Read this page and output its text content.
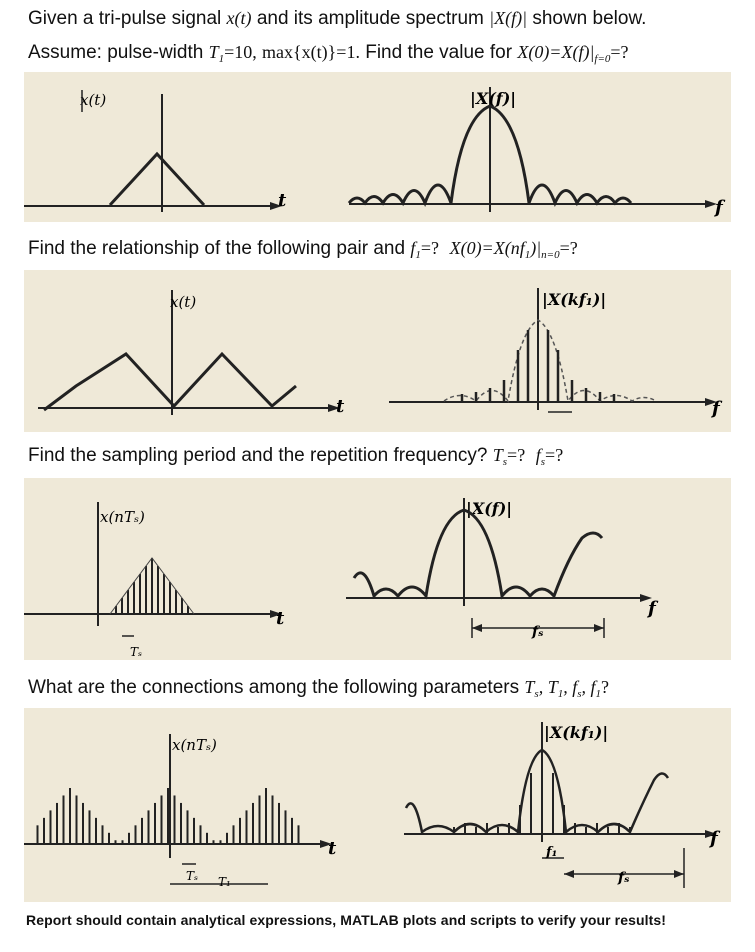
Given a tri-pulse signal x(t) and its amplitude spectrum |X(f)| shown below.
Assume: pulse-width $T_1=10$, max{x(t)}=1. Find the value for $X(0)=X(f)|_{f=0}=$?
t
x(t)
f
|X(f)|
Find the relationship of the following pair and $f_1=$? $X(0)=X(nf_1)|_{n=0}=$?
t
x(t)
f
|X(kf₁)|
Find the sampling period and the repetition frequency? $T_s=$? $f_s=$?
t
x(nTₛ)
Tₛ
f
|X(f)|
fₛ
What are the connections among the following parameters $T_s$, $T_1$, $f_s$, $f_1$?
t
x(nTₛ)
Tₛ T₁
f
|X(kf₁)|
f₁
fₛ
Report should contain analytical expressions, MATLAB plots and scripts to verify your results!
